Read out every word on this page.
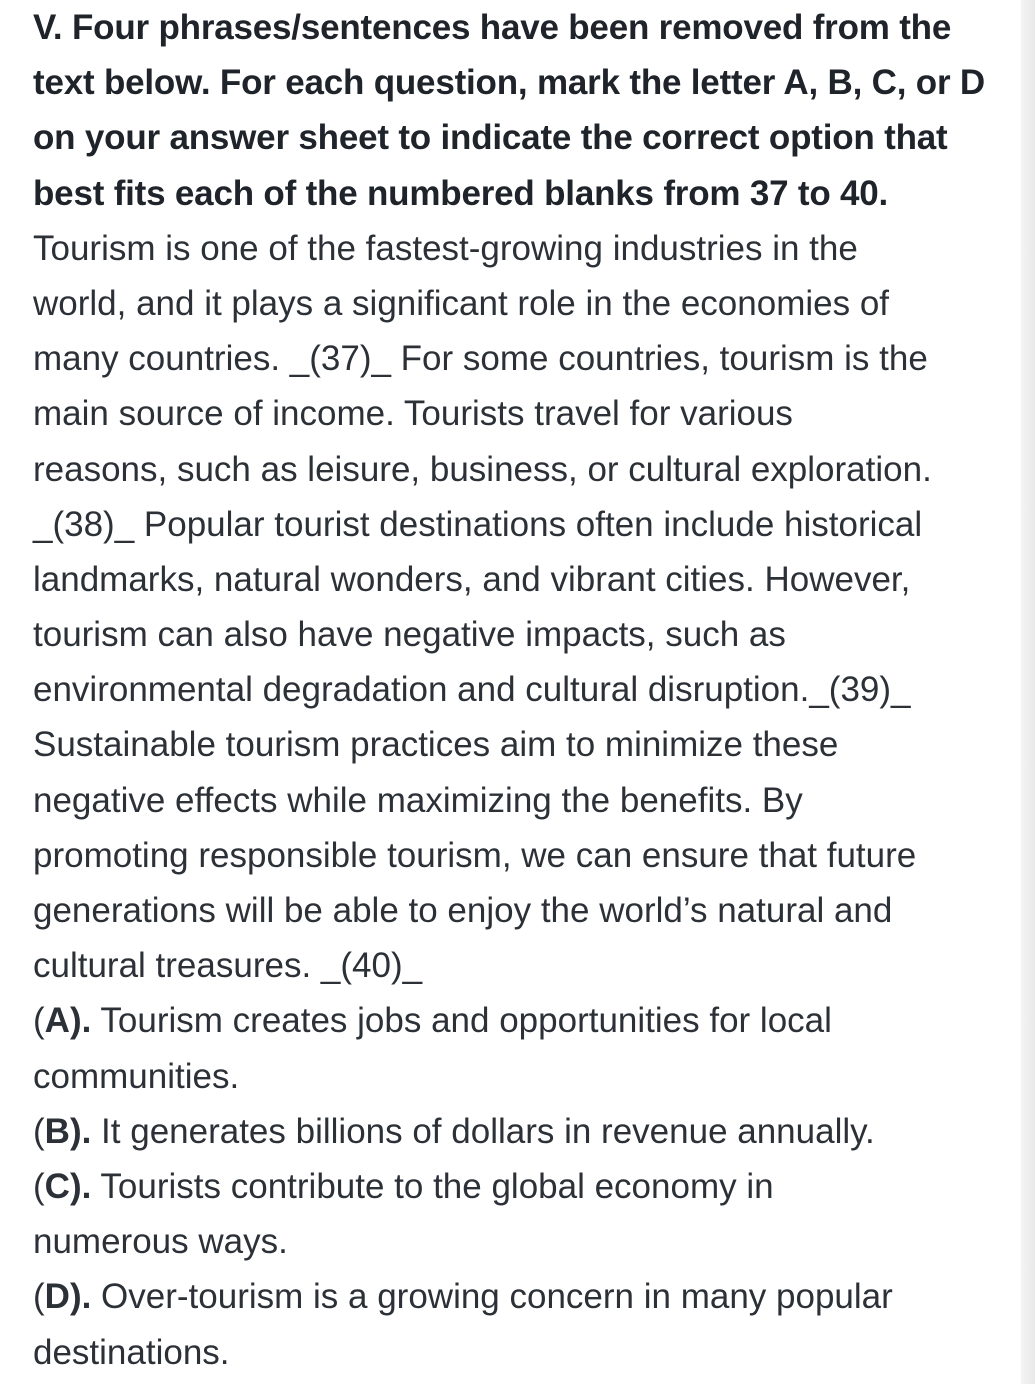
V. Four phrases/sentences have been removed from the
text below. For each question, mark the letter A, B, C, or D
on your answer sheet to indicate the correct option that
best fits each of the numbered blanks from 37 to 40.
Tourism is one of the fastest-growing industries in the
world, and it plays a significant role in the economies of
many countries. _(37)_ For some countries, tourism is the
main source of income. Tourists travel for various
reasons, such as leisure, business, or cultural exploration.
_(38)_ Popular tourist destinations often include historical
landmarks, natural wonders, and vibrant cities. However,
tourism can also have negative impacts, such as
environmental degradation and cultural disruption._(39)_
Sustainable tourism practices aim to minimize these
negative effects while maximizing the benefits. By
promoting responsible tourism, we can ensure that future
generations will be able to enjoy the world’s natural and
cultural treasures. _(40)_
(A). Tourism creates jobs and opportunities for local
communities.
(B). It generates billions of dollars in revenue annually.
(C). Tourists contribute to the global economy in
numerous ways.
(D). Over-tourism is a growing concern in many popular
destinations.
